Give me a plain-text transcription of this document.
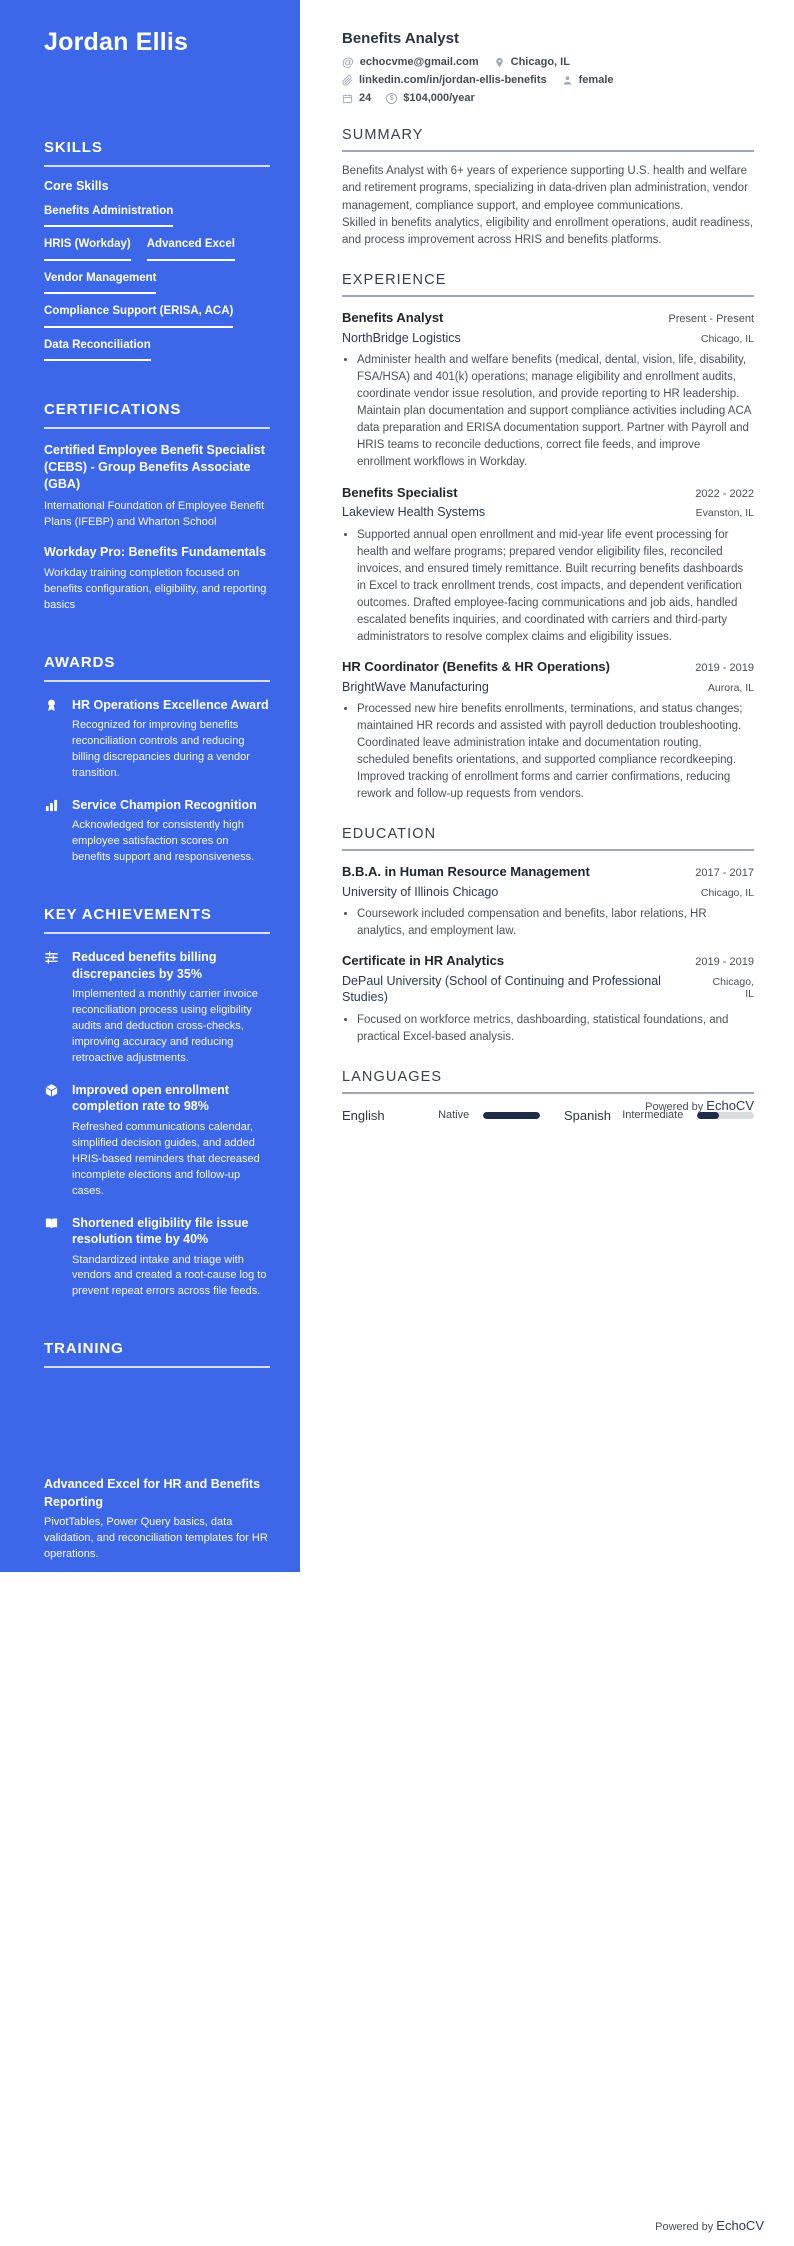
Jordan Ellis
SKILLS
Core Skills
Benefits Administration
HRIS (Workday) Advanced Excel
Vendor Management
Compliance Support (ERISA, ACA)
Data Reconciliation
CERTIFICATIONS
Certified Employee Benefit Specialist (CEBS) - Group Benefits Associate (GBA)
International Foundation of Employee Benefit Plans (IFEBP) and Wharton School
Workday Pro: Benefits Fundamentals
Workday training completion focused on benefits configuration, eligibility, and reporting basics
AWARDS
HR Operations Excellence Award
Recognized for improving benefits reconciliation controls and reducing billing discrepancies during a vendor transition.
Service Champion Recognition
Acknowledged for consistently high employee satisfaction scores on benefits support and responsiveness.
KEY ACHIEVEMENTS
Reduced benefits billing discrepancies by 35%
Implemented a monthly carrier invoice reconciliation process using eligibility audits and deduction cross-checks, improving accuracy and reducing retroactive adjustments.
Improved open enrollment completion rate to 98%
Refreshed communications calendar, simplified decision guides, and added HRIS-based reminders that decreased incomplete elections and follow-up cases.
Shortened eligibility file issue resolution time by 40%
Standardized intake and triage with vendors and created a root-cause log to prevent repeat errors across file feeds.
TRAINING
Advanced Excel for HR and Benefits Reporting
PivotTables, Power Query basics, data validation, and reconciliation templates for HR operations.
ACA Reporting and Employer Shared Responsibility Overview
Practical guidance on measurement periods, forms 1094-C/1095-C data elements, and audit readiness.
Benefits Analyst
@ echocvme@gmail.com	Chicago, IL
linkedin.com/in/jordan-ellis-benefits	female
24	$ $104,000/year
SUMMARY

Benefits Analyst with 6+ years of experience supporting U.S. health and welfare and retirement programs, specializing in data-driven plan administration, vendor management, compliance support, and employee communications.

Skilled in benefits analytics, eligibility and enrollment operations, audit readiness, and process improvement across HRIS and benefits platforms.

EXPERIENCE
Benefits Analyst	Present - Present
NorthBridge Logistics	Chicago, IL
• Administer health and welfare benefits (medical, dental, vision, life, disability, FSA/HSA) and 401(k) operations; manage eligibility and enrollment audits, coordinate vendor issue resolution, and provide reporting to HR leadership. Maintain plan documentation and support compliance activities including ACA data preparation and ERISA documentation support. Partner with Payroll and HRIS teams to reconcile deductions, correct file feeds, and improve enrollment workflows in Workday.
Benefits Specialist	2022 - 2022
Lakeview Health Systems	Evanston, IL
• Supported annual open enrollment and mid-year life event processing for health and welfare programs; prepared vendor eligibility files, reconciled invoices, and ensured timely remittance. Built recurring benefits dashboards in Excel to track enrollment trends, cost impacts, and dependent verification outcomes. Drafted employee-facing communications and job aids, handled escalated benefits inquiries, and coordinated with carriers and third-party administrators to resolve complex claims and eligibility issues.
HR Coordinator (Benefits & HR Operations)	2019 - 2019
BrightWave Manufacturing	Aurora, IL
• Processed new hire benefits enrollments, terminations, and status changes; maintained HR records and assisted with payroll deduction troubleshooting. Coordinated leave administration intake and documentation routing, scheduled benefits orientations, and supported compliance recordkeeping. Improved tracking of enrollment forms and carrier confirmations, reducing rework and follow-up requests from vendors.
EDUCATION
B.B.A. in Human Resource Management	2017 - 2017
University of Illinois Chicago	Chicago, IL
• Coursework included compensation and benefits, labor relations, HR analytics, and employment law.
Certificate in HR Analytics	2019 - 2019
DePaul University (School of Continuing and Professional Studies)
Chicago, IL
• Focused on workforce metrics, dashboarding, statistical foundations, and practical Excel-based analysis.
LANGUAGES
English	Native	Spanish Intermediate
Powered by EchoCV
Powered by EchoCV
